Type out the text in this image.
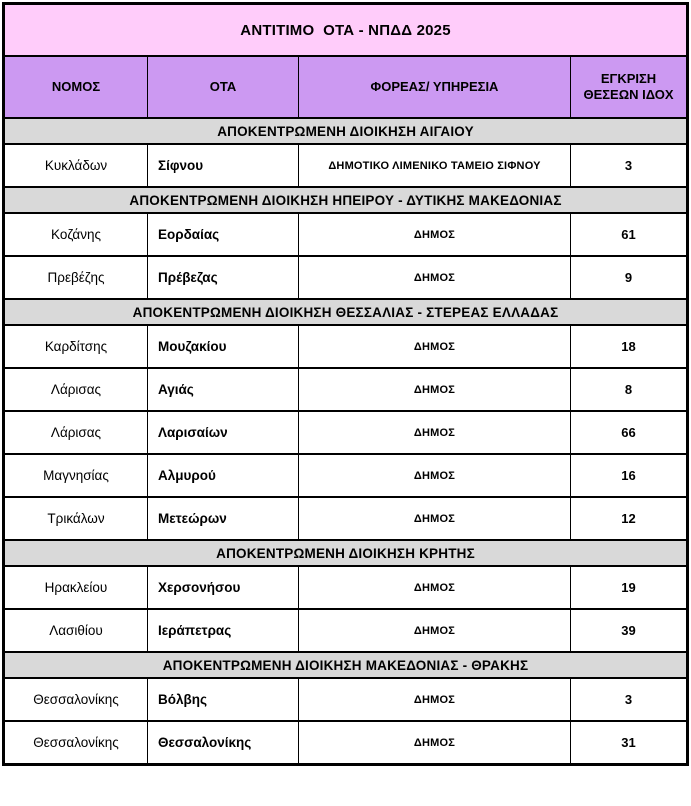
ΑΝΤΙΤΙΜΟ  ΟΤΑ - ΝΠΔΔ 2025			
ΝΟΜΟΣ	ΟΤΑ	ΦΟΡΕΑΣ/ ΥΠΗΡΕΣΙΑ	ΕΓΚΡΙΣΗ ΘΕΣΕΩΝ ΙΔΟΧ
ΑΠΟΚΕΝΤΡΩΜΕΝΗ ΔΙΟΙΚΗΣΗ ΑΙΓΑΙΟΥ			
Κυκλάδων	Σίφνου	ΔΗΜΟΤΙΚΟ ΛΙΜΕΝΙΚΟ ΤΑΜΕΙΟ ΣΙΦΝΟΥ	3
ΑΠΟΚΕΝΤΡΩΜΕΝΗ ΔΙΟΙΚΗΣΗ ΗΠΕΙΡΟΥ - ΔΥΤΙΚΗΣ ΜΑΚΕΔΟΝΙΑΣ			
Κοζάνης	Εορδαίας	ΔΗΜΟΣ	61
Πρεβέζης	Πρέβεζας	ΔΗΜΟΣ	9
ΑΠΟΚΕΝΤΡΩΜΕΝΗ ΔΙΟΙΚΗΣΗ ΘΕΣΣΑΛΙΑΣ - ΣΤΕΡΕΑΣ ΕΛΛΑΔΑΣ			
Καρδίτσης	Μουζακίου	ΔΗΜΟΣ	18
Λάρισας	Αγιάς	ΔΗΜΟΣ	8
Λάρισας	Λαρισαίων	ΔΗΜΟΣ	66
Μαγνησίας	Αλμυρού	ΔΗΜΟΣ	16
Τρικάλων	Μετεώρων	ΔΗΜΟΣ	12
ΑΠΟΚΕΝΤΡΩΜΕΝΗ ΔΙΟΙΚΗΣΗ ΚΡΗΤΗΣ			
Ηρακλείου	Χερσονήσου	ΔΗΜΟΣ	19
Λασιθίου	Ιεράπετρας	ΔΗΜΟΣ	39
ΑΠΟΚΕΝΤΡΩΜΕΝΗ ΔΙΟΙΚΗΣΗ ΜΑΚΕΔΟΝΙΑΣ - ΘΡΑΚΗΣ			
Θεσσαλονίκης	Βόλβης	ΔΗΜΟΣ	3
Θεσσαλονίκης	Θεσσαλονίκης	ΔΗΜΟΣ	31
